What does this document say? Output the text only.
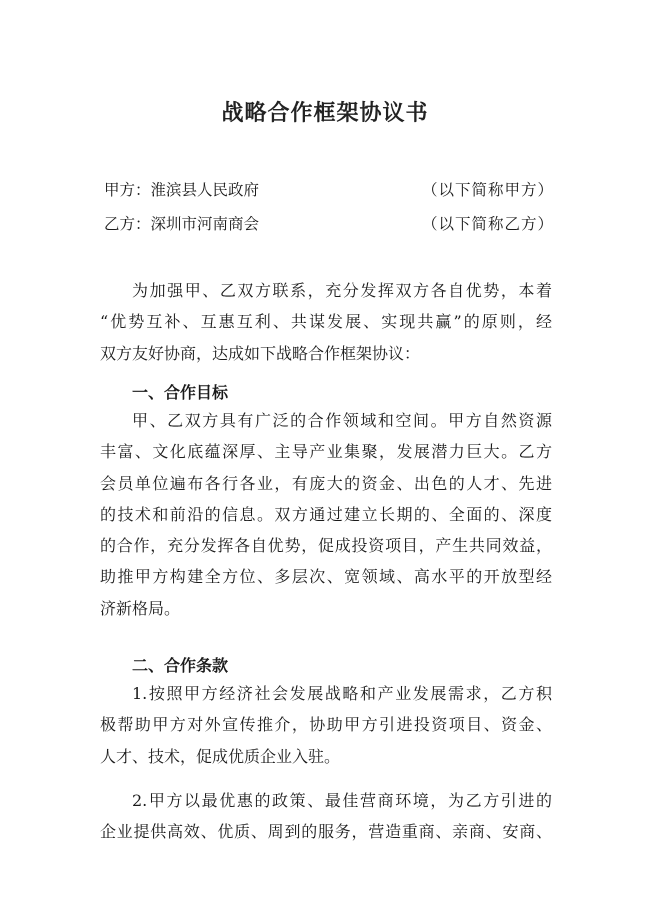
战略合作框架协议书
甲方：淮滨县人民政府	（以下简称甲方）
乙方：深圳市河南商会	（以下简称乙方）
为加强甲、乙双方联系，充分发挥双方各自优势，本着
“优势互补、互惠互利、共谋发展、实现共赢”的原则，经
双方友好协商，达成如下战略合作框架协议：
一、合作目标
甲、乙双方具有广泛的合作领域和空间。甲方自然资源
丰富、文化底蕴深厚、主导产业集聚，发展潜力巨大。乙方
会员单位遍布各行各业，有庞大的资金、出色的人才、先进
的技术和前沿的信息。双方通过建立长期的、全面的、深度
的合作，充分发挥各自优势，促成投资项目，产生共同效益，
助推甲方构建全方位、多层次、宽领域、高水平的开放型经
济新格局。
二、合作条款
1.按照甲方经济社会发展战略和产业发展需求，乙方积
极帮助甲方对外宣传推介，协助甲方引进投资项目、资金、
人才、技术，促成优质企业入驻。
2.甲方以最优惠的政策、最佳营商环境，为乙方引进的
企业提供高效、优质、周到的服务，营造重商、亲商、安商、
